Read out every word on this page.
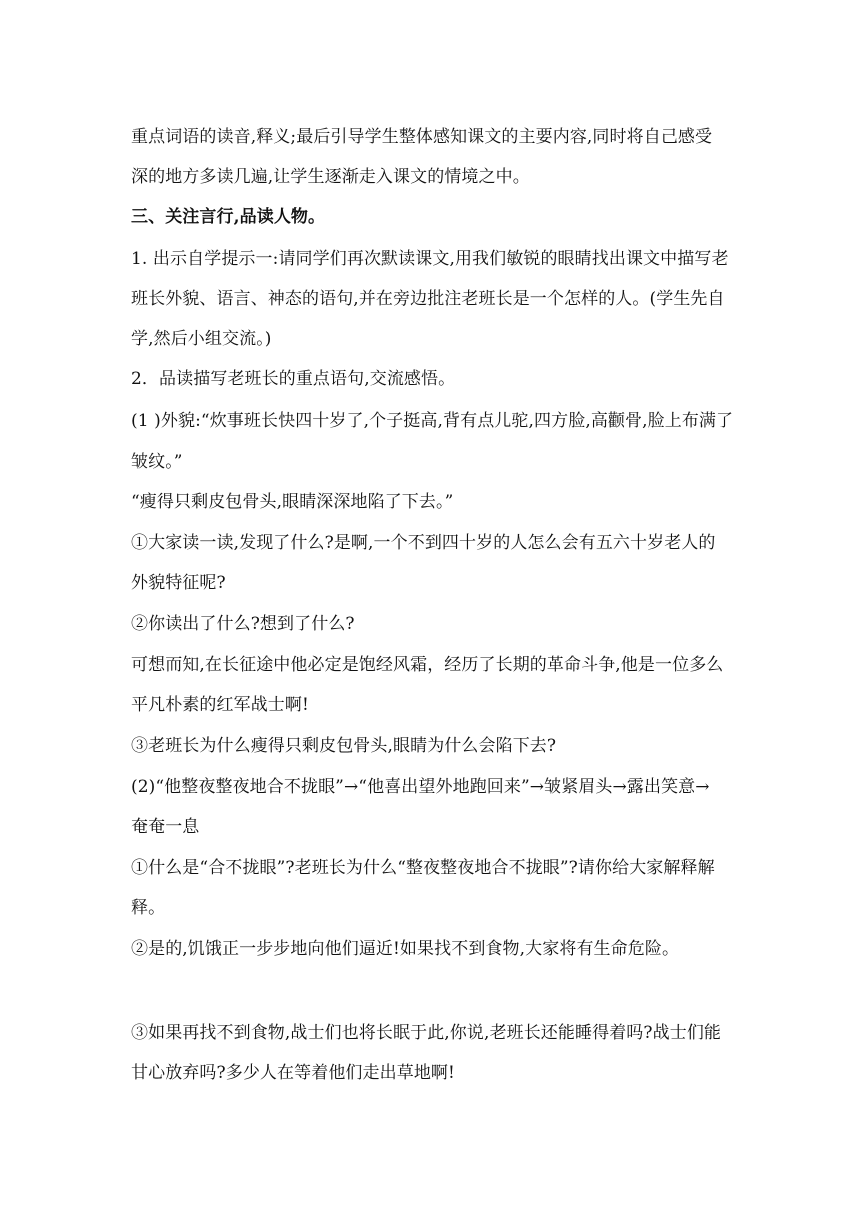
重点词语的读音,释义;最后引导学生整体感知课文的主要内容,同时将自己感受
深的地方多读几遍,让学生逐渐走入课文的情境之中。
三、关注言行,品读人物。
1. 出示自学提示一:请同学们再次默读课文,用我们敏锐的眼睛找出课文中描写老
班长外貌、语言、神态的语句,并在旁边批注老班长是一个怎样的人。(学生先自
学,然后小组交流。)
2．品读描写老班长的重点语句,交流感悟。
(1 )外貌:“炊事班长快四十岁了,个子挺高,背有点儿驼,四方脸,高颧骨,脸上布满了
皱纹。”
“瘦得只剩皮包骨头,眼睛深深地陷了下去。”
①大家读一读,发现了什么?是啊,一个不到四十岁的人怎么会有五六十岁老人的
外貌特征呢?
②你读出了什么?想到了什么?
可想而知,在长征途中他必定是饱经风霜，经历了长期的革命斗争,他是一位多么
平凡朴素的红军战士啊!
③老班长为什么瘦得只剩皮包骨头,眼睛为什么会陷下去?
(2)“他整夜整夜地合不拢眼”→“他喜出望外地跑回来”→皱紧眉头→露出笑意→
奄奄一息
①什么是“合不拢眼”?老班长为什么“整夜整夜地合不拢眼”?请你给大家解释解
释。
②是的,饥饿正一步步地向他们逼近!如果找不到食物,大家将有生命危险。
③如果再找不到食物,战士们也将长眠于此,你说,老班长还能睡得着吗?战士们能
甘心放弃吗?多少人在等着他们走出草地啊!
